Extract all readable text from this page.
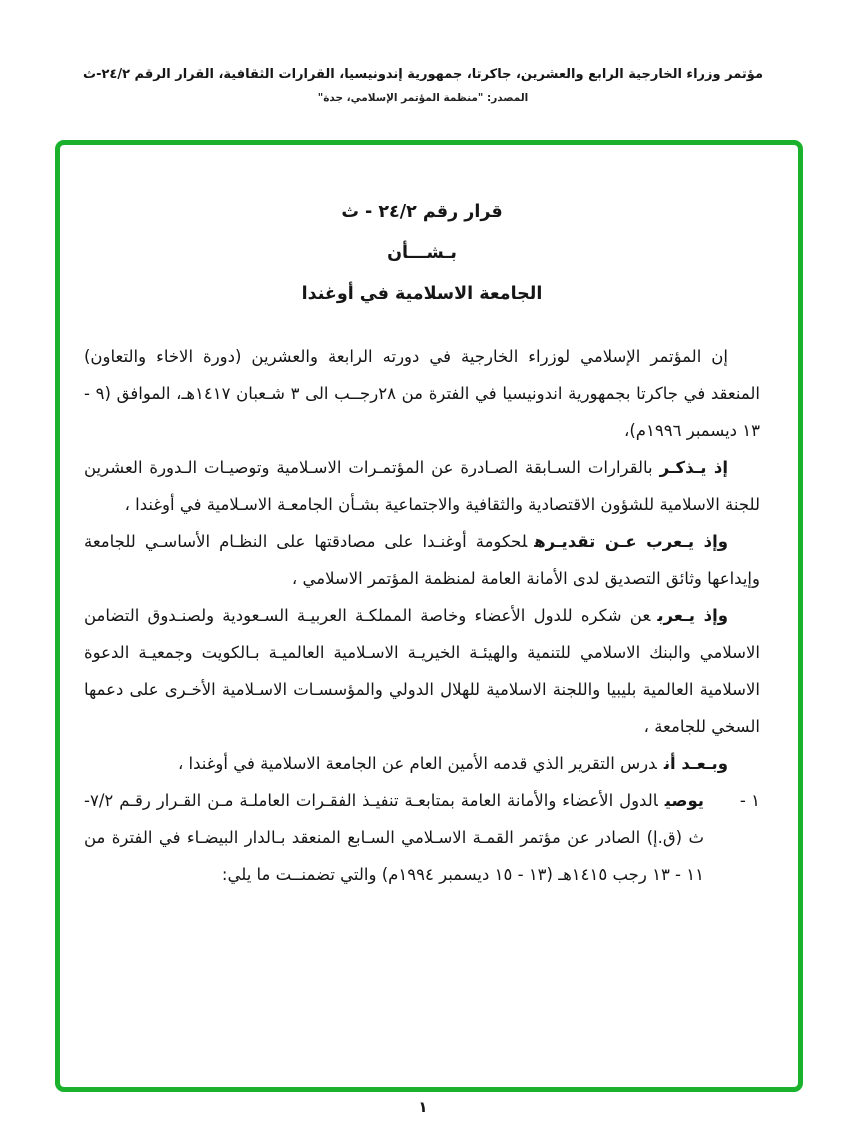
مؤتمر وزراء الخارجية الرابع والعشرين، جاكرتا، جمهورية إندونيسيا، القرارات الثقافية، القرار الرقم ٢٤/٢-ث
المصدر: "منظمة المؤتمر الإسلامي، جدة"
قرار رقم ٢٤/٢ - ث
بـشـــأن
الجامعة الاسلامية في أوغندا

إن المؤتمر الإسلامي لوزراء الخارجية في دورته الرابعة والعشرين (دورة الاخاء والتعاون) المنعقد في جاكرتا بجمهورية اندونيسيا في الفترة من ٢٨رجــب الى ٣ شـعبان ١٤١٧هـ، الموافق (٩ - ١٣ ديسمبر ١٩٩٦م)،

إذ يـذكـربالقرارات السـابقة الصـادرة عن المؤتمـرات الاسـلامية وتوصيـات الـدورة العشرين للجنة الاسلامية للشؤون الاقتصادية والثقافية والاجتماعية بشـأن الجامعـة الاسـلامية في أوغندا ،

وإذ يـعرب عـن تقديـرهلحكومة أوغنـدا على مصادقتها على النظـام الأساسـي للجامعة وإيداعها وثائق التصديق لدى الأمانة العامة لمنظمة المؤتمر الاسلامي ،

وإذ يـعربعن شكره للدول الأعضاء وخاصة المملكـة العربيـة السـعودية ولصنـدوق التضامن الاسلامي والبنك الاسلامي للتنمية والهيئـة الخيريـة الاسـلامية العالميـة بـالكويت وجمعيـة الدعوة الاسلامية العالمية بليبيا واللجنة الاسلامية للهلال الدولي والمؤسسـات الاسـلامية الأخـرى على دعمها السخي للجامعة ،

وبـعـد أندرس التقرير الذي قدمه الأمين العام عن الجامعة الاسلامية في أوغندا ،

١ -
يوصيالدول الأعضاء والأمانة العامة بمتابعـة تنفيـذ الفقـرات العاملـة مـن القـرار رقـم ٧/٢-ث (ق.إ) الصادر عن مؤتمر القمـة الاسـلامي السـابع المنعقد بـالدار البيضـاء في الفترة من ١١ - ١٣ رجب ١٤١٥هـ (١٣ - ١٥ ديسمبر ١٩٩٤م) والتي تضمنــت ما يلي:
١
